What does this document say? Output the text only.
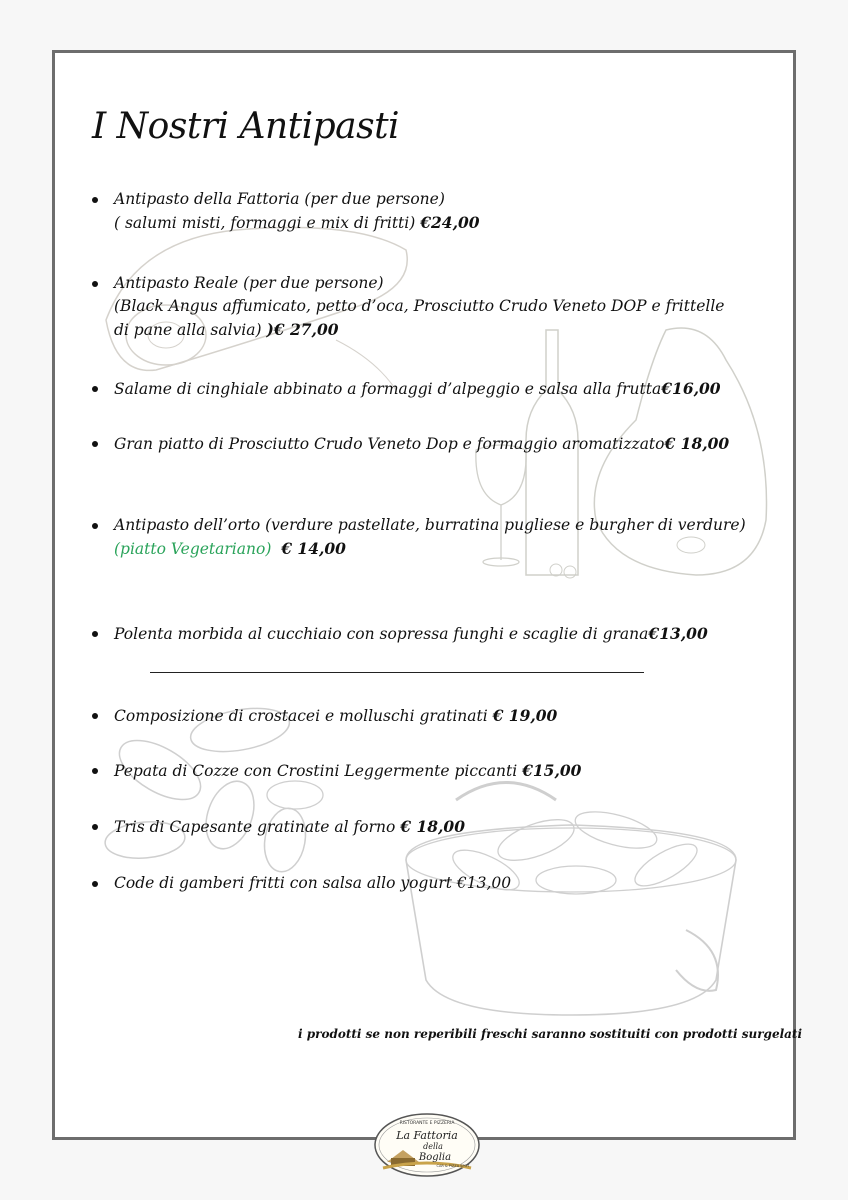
I Nostri Antipasti
Antipasto della Fattoria (per due persone)
( salumi misti, formaggi e mix di fritti) €24,00
Antipasto Reale (per due persone)
(Black Angus affumicato, petto d’oca, Prosciutto Crudo Veneto DOP e frittelle
di pane alla salvia) )€ 27,00
Salame di cinghiale abbinato a formaggi d’alpeggio e salsa alla frutta€16,00
Gran piatto di Prosciutto Crudo Veneto Dop e formaggio aromatizzato€ 18,00
Antipasto dell’orto (verdure pastellate, burratina pugliese e burgher di verdure)
(piatto Vegetariano) € 14,00
Polenta morbida al cucchiaio con sopressa funghi e scaglie di grana€13,00
Composizione di crostacei e molluschi gratinati € 19,00
Pepata di Cozze con Crostini Leggermente piccanti €15,00
Tris di Capesante gratinate al forno € 18,00
Code di gamberi fritti con salsa allo yogurt €13,00
i prodotti se non reperibili freschi saranno sostituiti con prodotti surgelati
RISTORANTE E PIZZERIA
La Fattoria
della
Boglia
CAR & PIZZA SPOT
